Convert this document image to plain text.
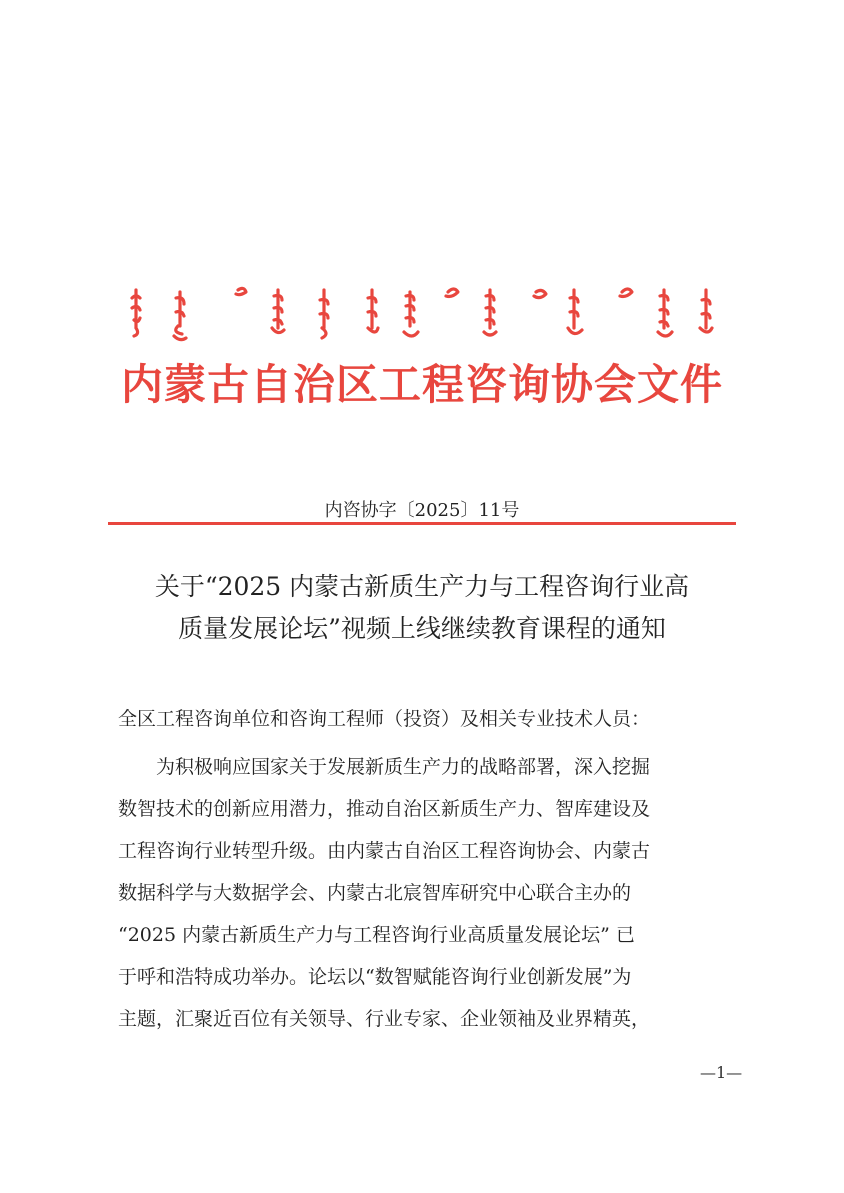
内蒙古自治区工程咨询协会文件
内咨协字〔2025〕11号
关于“2025 内蒙古新质生产力与工程咨询行业高
质量发展论坛”视频上线继续教育课程的通知
全区工程咨询单位和咨询工程师（投资）及相关专业技术人员：
为积极响应国家关于发展新质生产力的战略部署，深入挖掘
数智技术的创新应用潜力，推动自治区新质生产力、智库建设及
工程咨询行业转型升级。由内蒙古自治区工程咨询协会、内蒙古
数据科学与大数据学会、内蒙古北宸智库研究中心联合主办的
“2025 内蒙古新质生产力与工程咨询行业高质量发展论坛” 已
于呼和浩特成功举办。论坛以“数智赋能咨询行业创新发展”为
主题，汇聚近百位有关领导、行业专家、企业领袖及业界精英，
—1—
